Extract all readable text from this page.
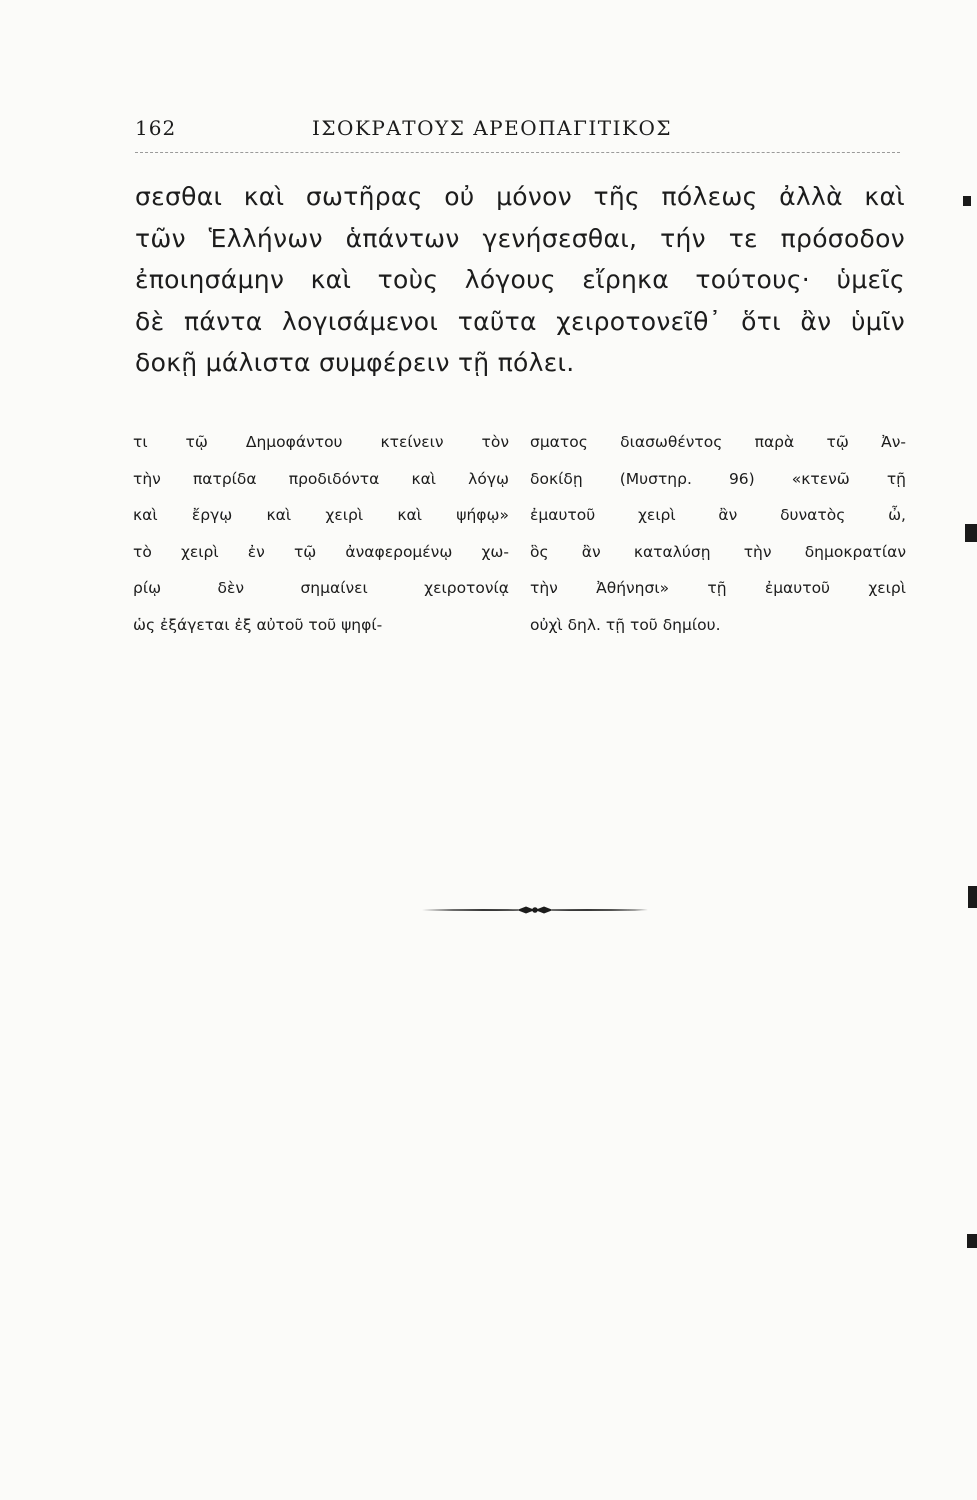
162	ΙΣΟΚΡΑΤΟΥΣ ΑΡΕΟΠΑΓΙΤΙΚΟΣ
σεσθαι καὶ σωτῆρας οὐ μόνον τῆς πόλεως ἀλλὰ καὶ
τῶν Ἑλλήνων ἁπάντων γενήσεσθαι, τήν τε πρόσοδον
ἐποιησάμην καὶ τοὺς λόγους εἴρηκα τούτους· ὑμεῖς
δὲ πάντα λογισάμενοι ταῦτα χειροτονεῖθ᾽ ὅτι ἂν ὑμῖν
δοκῇ μάλιστα συμφέρειν τῇ πόλει.
τι τῷ Δημοφάντου κτείνειν τὸν
τὴν πατρίδα προδιδόντα καὶ λόγῳ
καὶ ἔργῳ καὶ χειρὶ καὶ ψήφῳ»
τὸ χειρὶ ἐν τῷ ἀναφερομένῳ χω-
ρίῳ δὲν σημαίνει χειροτονίᾳ
ὡς ἐξάγεται ἐξ αὐτοῦ τοῦ ψηφί-
σματος διασωθέντος παρὰ τῷ Ἀν-
δοκίδῃ (Μυστηρ. 96) «κτενῶ τῇ
ἐμαυτοῦ χειρὶ ἂν δυνατὸς ὦ,
ὃς ἂν καταλύσῃ τὴν δημοκρατίαν
τὴν Ἀθήνησι» τῇ ἐμαυτοῦ χειρὶ
οὐχὶ δηλ. τῇ τοῦ δημίου.
